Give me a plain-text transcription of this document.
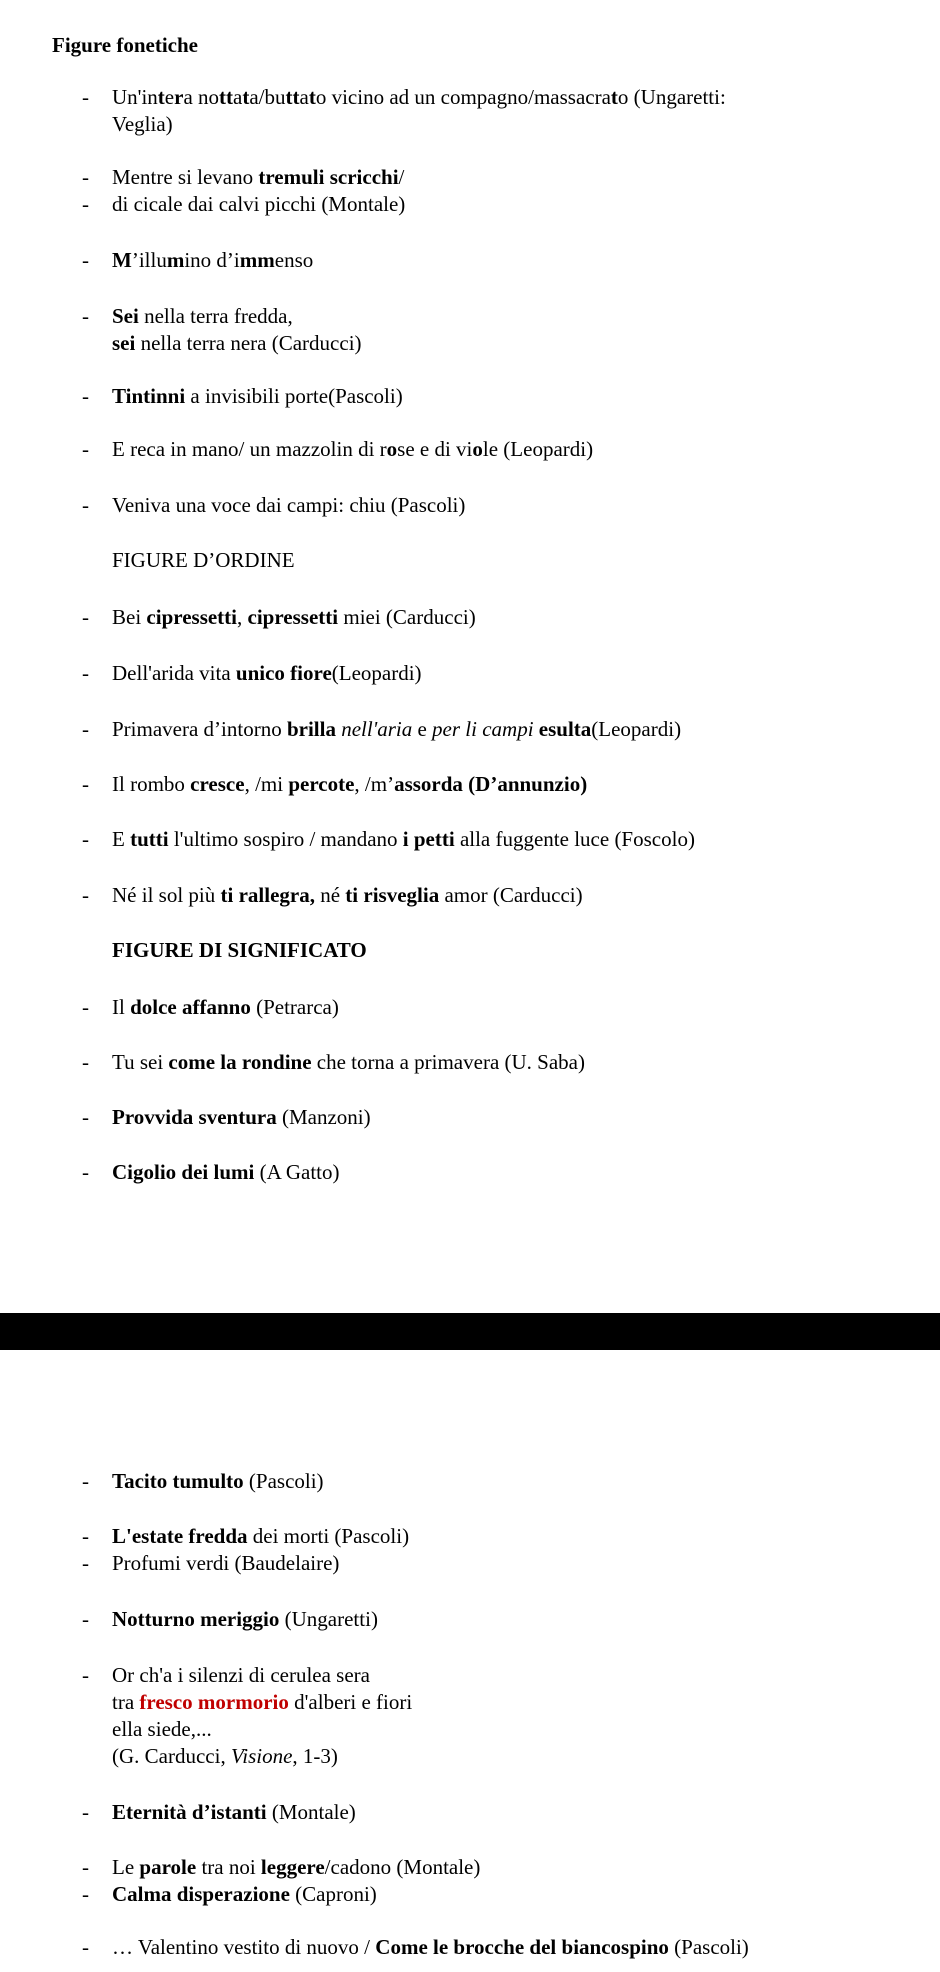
Figure fonetiche
- Un'intera nottata/buttato vicino ad un compagno/massacrato (Ungaretti:
Veglia)
- Mentre si levano tremuli scricchi/
- di cicale dai calvi picchi (Montale)
- M’illumino d’immenso
- Sei nella terra fredda,
sei nella terra nera (Carducci)
- Tintinni a invisibili porte(Pascoli)
- E reca in mano/ un mazzolin di rose e di viole (Leopardi)
- Veniva una voce dai campi: chiu (Pascoli)
FIGURE D’ORDINE
- Bei cipressetti, cipressetti miei (Carducci)
- Dell'arida vita unico fiore(Leopardi)
- Primavera d’intorno brilla nell'aria e per li campi esulta(Leopardi)
- Il rombo cresce, /mi percote, /m’assorda (D’annunzio)
- E tutti l'ultimo sospiro / mandano i petti alla fuggente luce (Foscolo)
- Né il sol più ti rallegra, né ti risveglia amor (Carducci)
FIGURE DI SIGNIFICATO
- Il dolce affanno (Petrarca)
- Tu sei come la rondine che torna a primavera (U. Saba)
- Provvida sventura (Manzoni)
- Cigolio dei lumi (A Gatto)
- Tacito tumulto (Pascoli)
- L'estate fredda dei morti (Pascoli)
- Profumi verdi (Baudelaire)
- Notturno meriggio (Ungaretti)
- Or ch'a i silenzi di cerulea sera
tra fresco mormorio d'alberi e fiori
ella siede,...
(G. Carducci, Visione, 1-3)
- Eternità d’istanti (Montale)
- Le parole tra noi leggere/cadono (Montale)
- Calma disperazione (Caproni)
- … Valentino vestito di nuovo / Come le brocche del biancospino (Pascoli)
